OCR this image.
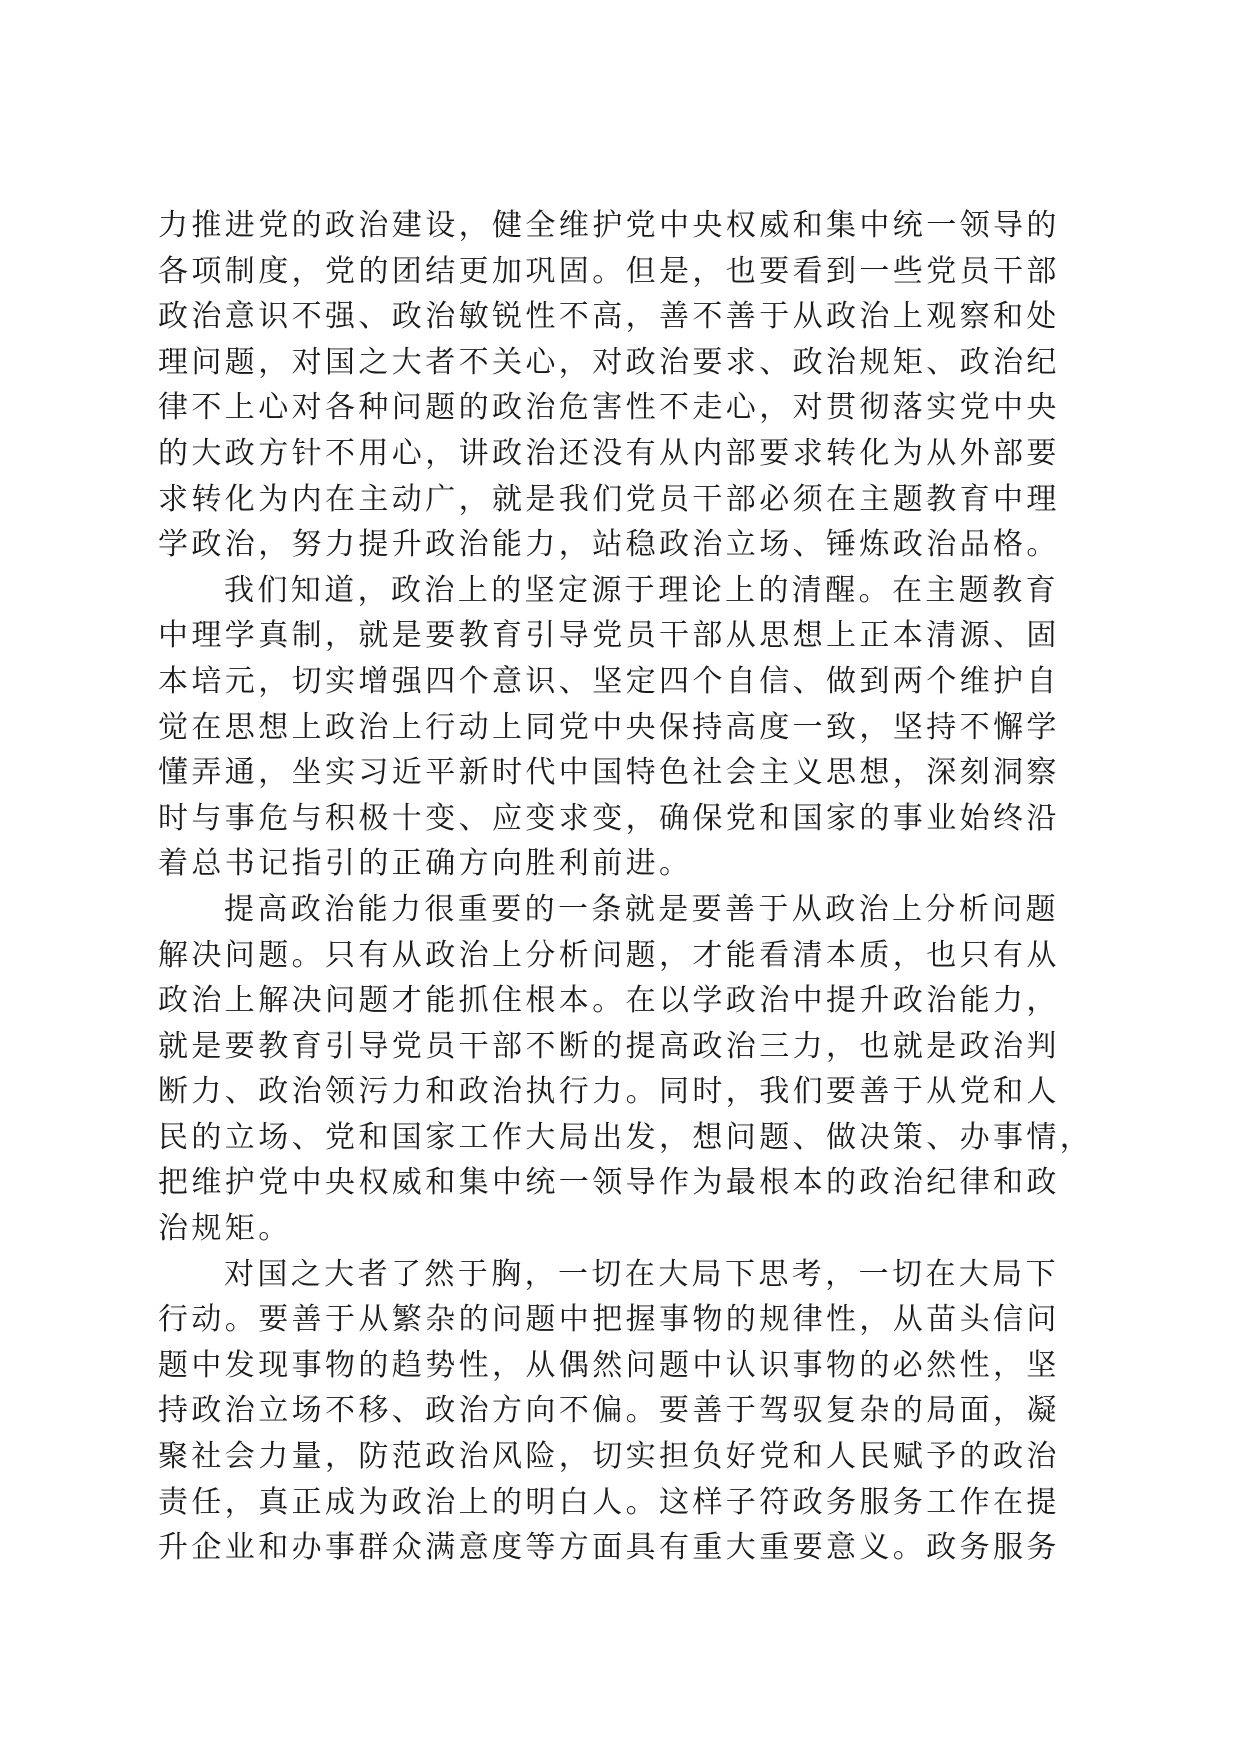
力推进党的政治建设，健全维护党中央权威和集中统一领导的
各项制度，党的团结更加巩固。但是，也要看到一些党员干部
政治意识不强、政治敏锐性不高，善不善于从政治上观察和处
理问题，对国之大者不关心，对政治要求、政治规矩、政治纪
律不上心对各种问题的政治危害性不走心，对贯彻落实党中央
的大政方针不用心，讲政治还没有从内部要求转化为从外部要
求转化为内在主动广，就是我们党员干部必须在主题教育中理
学政治，努力提升政治能力，站稳政治立场、锤炼政治品格。
我们知道，政治上的坚定源于理论上的清醒。在主题教育
中理学真制，就是要教育引导党员干部从思想上正本清源、固
本培元，切实增强四个意识、坚定四个自信、做到两个维护自
觉在思想上政治上行动上同党中央保持高度一致，坚持不懈学
懂弄通，坐实习近平新时代中国特色社会主义思想，深刻洞察
时与事危与积极十变、应变求变，确保党和国家的事业始终沿
着总书记指引的正确方向胜利前进。
提高政治能力很重要的一条就是要善于从政治上分析问题
解决问题。只有从政治上分析问题，才能看清本质，也只有从
政治上解决问题才能抓住根本。在以学政治中提升政治能力，
就是要教育引导党员干部不断的提高政治三力，也就是政治判
断力、政治领污力和政治执行力。同时，我们要善于从党和人
民的立场、党和国家工作大局出发，想问题、做决策、办事情，
把维护党中央权威和集中统一领导作为最根本的政治纪律和政
治规矩。
对国之大者了然于胸，一切在大局下思考，一切在大局下
行动。要善于从繁杂的问题中把握事物的规律性，从苗头信问
题中发现事物的趋势性，从偶然问题中认识事物的必然性，坚
持政治立场不移、政治方向不偏。要善于驾驭复杂的局面，凝
聚社会力量，防范政治风险，切实担负好党和人民赋予的政治
责任，真正成为政治上的明白人。这样子符政务服务工作在提
升企业和办事群众满意度等方面具有重大重要意义。政务服务
